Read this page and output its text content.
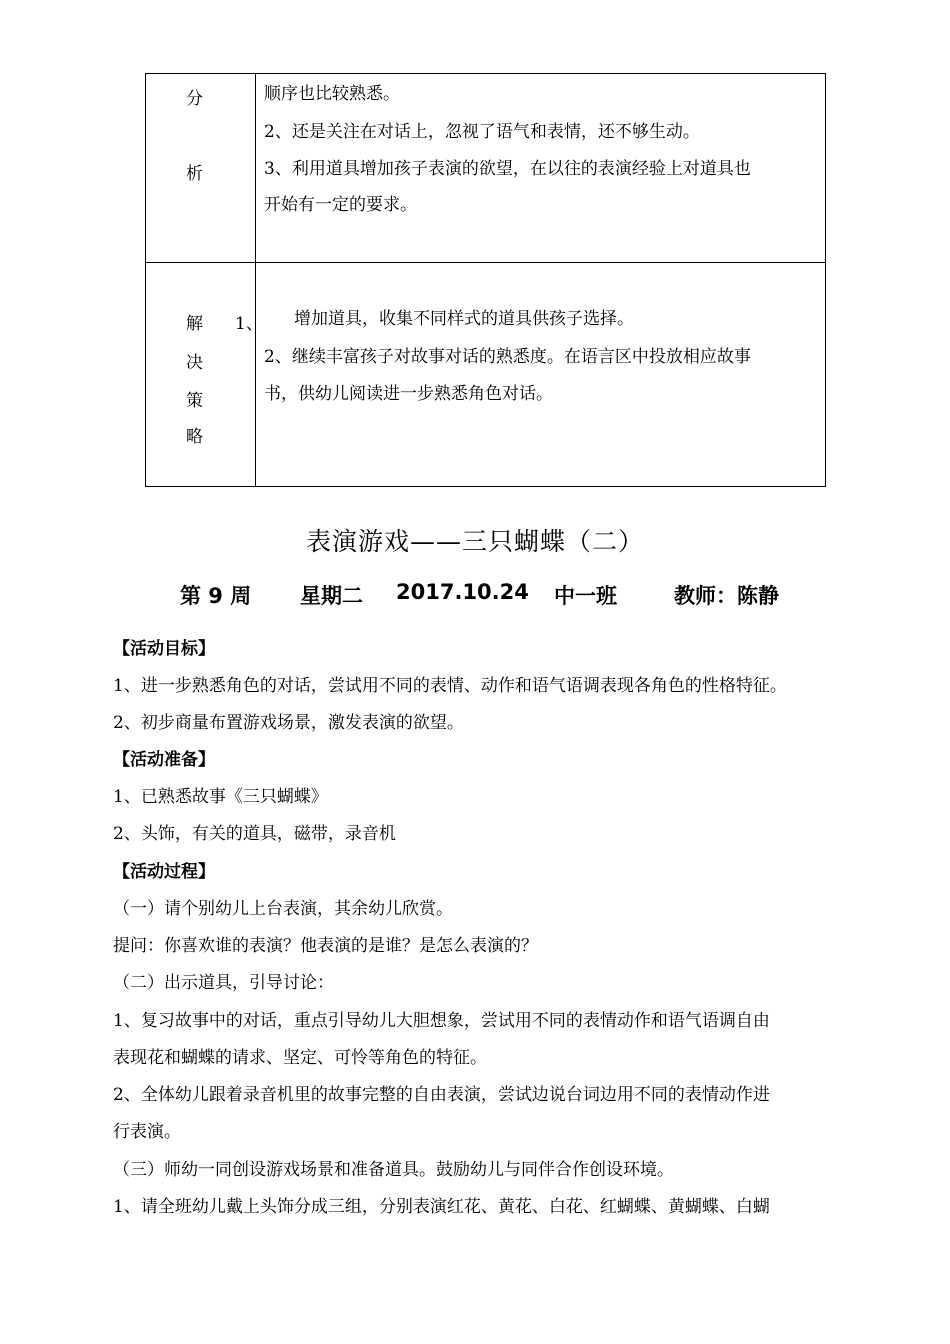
分
析
顺序也比较熟悉。
2、还是关注在对话上，忽视了语气和表情，还不够生动。
3、利用道具增加孩子表演的欲望，在以往的表演经验上对道具也
开始有一定的要求。
解
决
策
略
1、 增加道具，收集不同样式的道具供孩子选择。
2、继续丰富孩子对故事对话的熟悉度。在语言区中投放相应故事
书，供幼儿阅读进一步熟悉角色对话。
表演游戏——三只蝴蝶（二）

第 9 周

星期二

2017.10.24

中一班

	教师：陈静

【活动目标】
1、进一步熟悉角色的对话，尝试用不同的表情、动作和语气语调表现各角色的性格特征。
2、初步商量布置游戏场景，激发表演的欲望。
【活动准备】
1、已熟悉故事《三只蝴蝶》
2、头饰，有关的道具，磁带，录音机
【活动过程】
（一）请个别幼儿上台表演，其余幼儿欣赏。
提问：你喜欢谁的表演？他表演的是谁？是怎么表演的？
（二）出示道具，引导讨论：
1、复习故事中的对话，重点引导幼儿大胆想象，尝试用不同的表情动作和语气语调自由
表现花和蝴蝶的请求、坚定、可怜等角色的特征。
2、全体幼儿跟着录音机里的故事完整的自由表演，尝试边说台词边用不同的表情动作进
行表演。
（三）师幼一同创设游戏场景和准备道具。鼓励幼儿与同伴合作创设环境。
1、请全班幼儿戴上头饰分成三组，分别表演红花、黄花、白花、红蝴蝶、黄蝴蝶、白蝴
